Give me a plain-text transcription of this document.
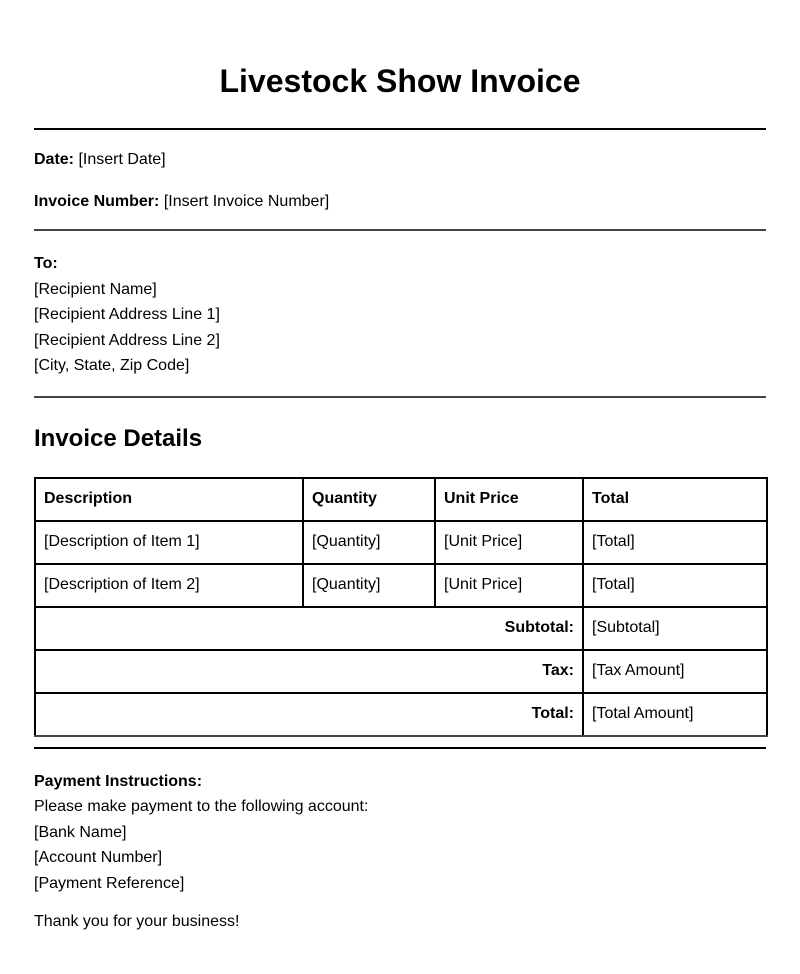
Livestock Show Invoice
Date: [Insert Date]
Invoice Number: [Insert Invoice Number]
To:
[Recipient Name]
[Recipient Address Line 1]
[Recipient Address Line 2]
[City, State, Zip Code]
Invoice Details
Description	Quantity	Unit Price	Total
[Description of Item 1]	[Quantity]	[Unit Price]	[Total]
[Description of Item 2]	[Quantity]	[Unit Price]	[Total]
Subtotal:			[Subtotal]
Tax:			[Tax Amount]
Total:			[Total Amount]
Payment Instructions:
Please make payment to the following account:
[Bank Name]
[Account Number]
[Payment Reference]
Thank you for your business!
